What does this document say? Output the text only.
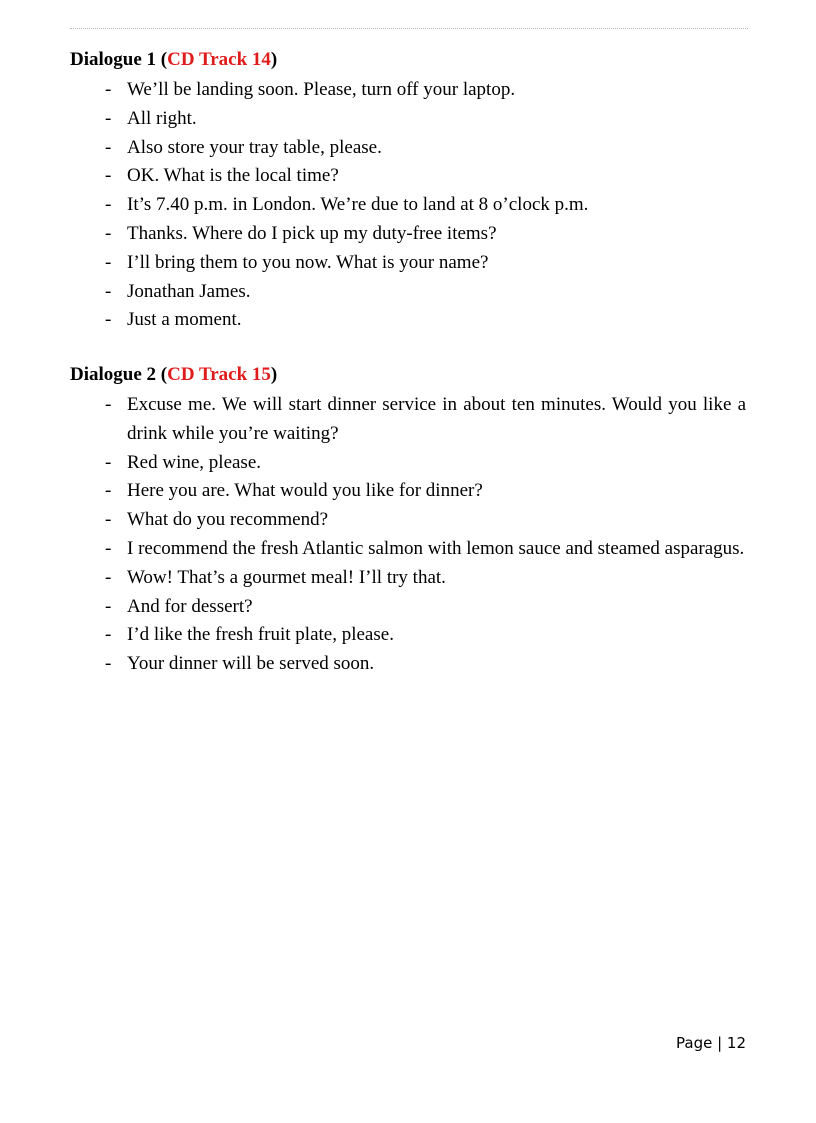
Dialogue 1 (CD Track 14)
- We’ll be landing soon. Please, turn off your laptop.
- All right.
- Also store your tray table, please.
- OK. What is the local time?
- It’s 7.40 p.m. in London. We’re due to land at 8 o’clock p.m.
- Thanks. Where do I pick up my duty-free items?
- I’ll bring them to you now. What is your name?
- Jonathan James.
- Just a moment.
Dialogue 2 (CD Track 15)
- Excuse me. We will start dinner service in about ten minutes. Would you like a drink while you’re waiting?
- Red wine, please.
- Here you are. What would you like for dinner?
- What do you recommend?
- I recommend the fresh Atlantic salmon with lemon sauce and steamed asparagus.
- Wow! That’s a gourmet meal! I’ll try that.
- And for dessert?
- I’d like the fresh fruit plate, please.
- Your dinner will be served soon.
Page | 12
